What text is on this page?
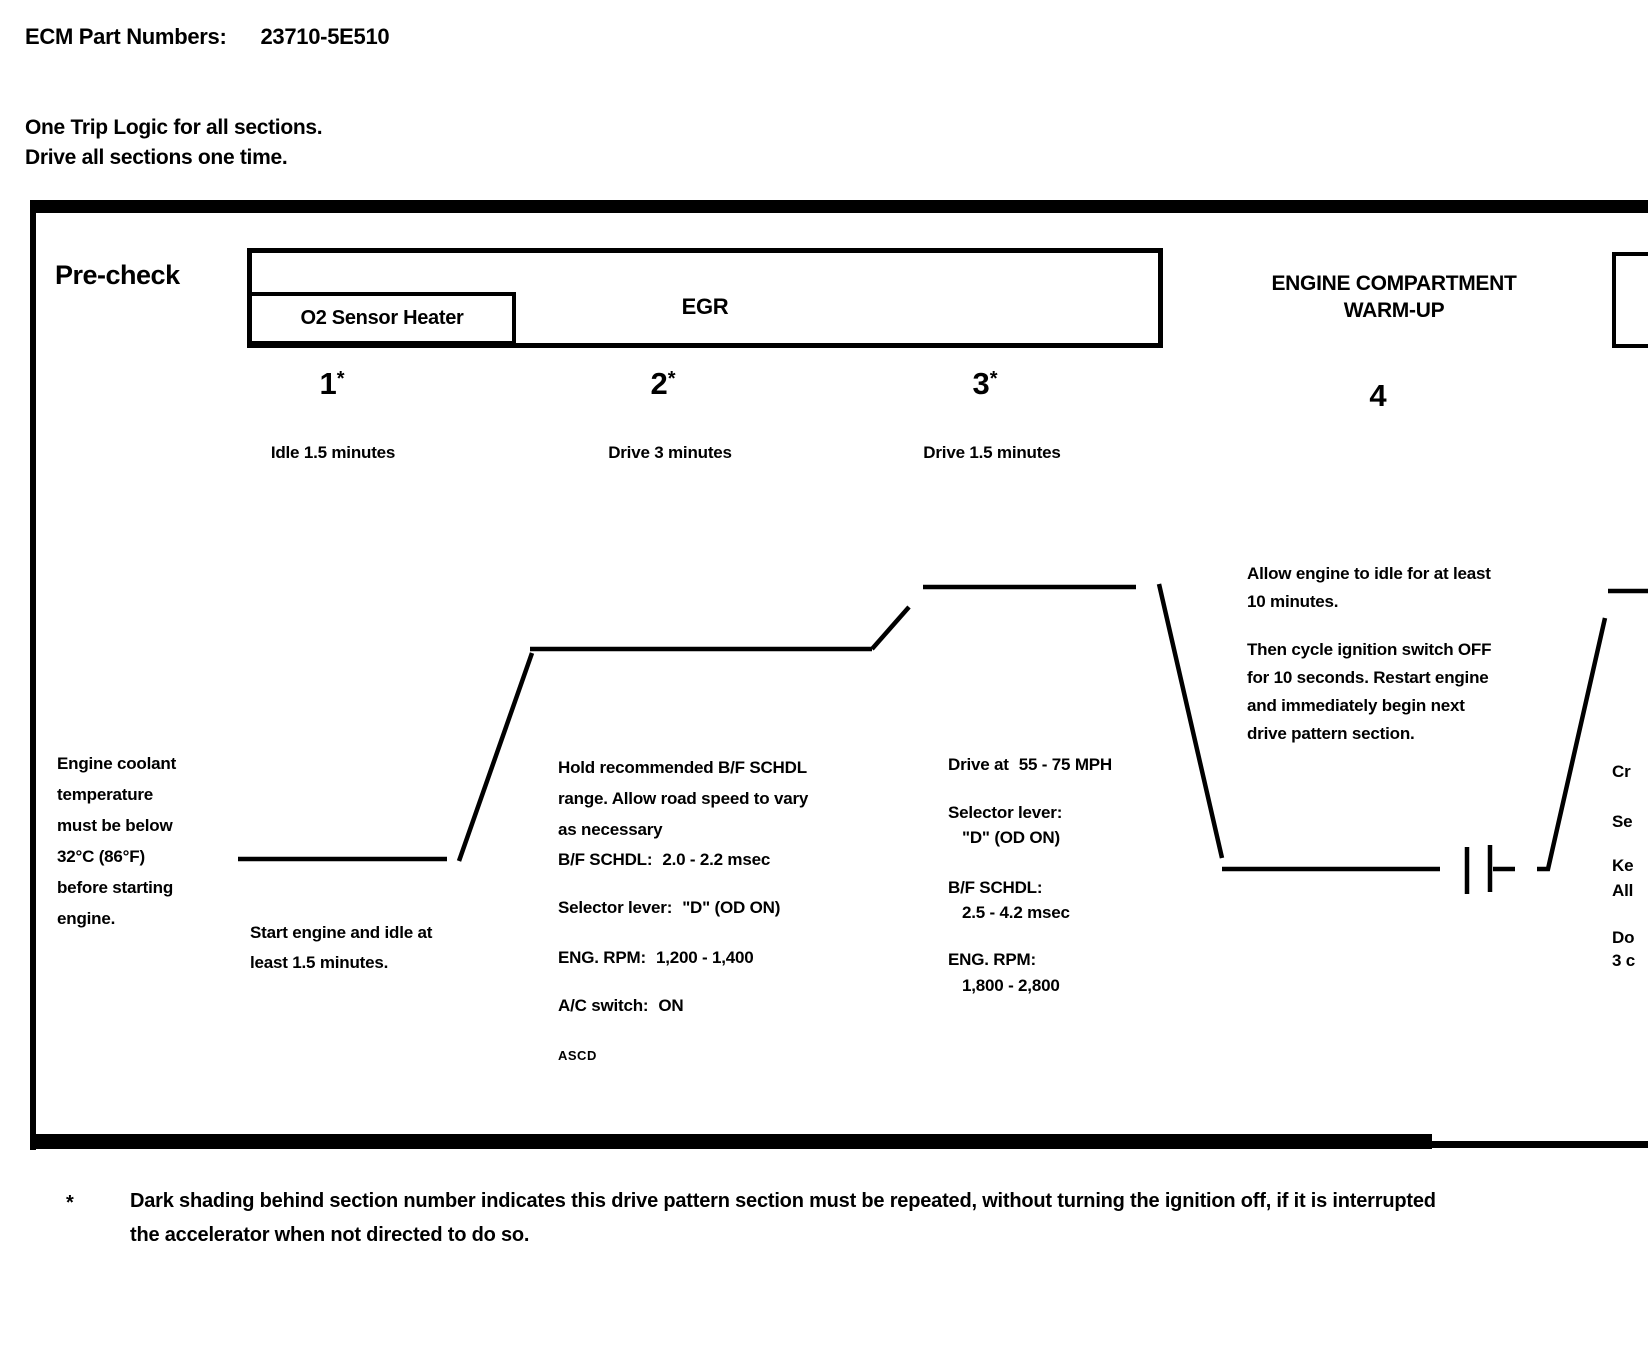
ECM Part Numbers: 23710-5E510
One Trip Logic for all sections.
Drive all sections one time.
Pre-check
EGR
O2 Sensor Heater
ENGINE COMPARTMENT
WARM-UP
1*	2*	3*	4
Idle 1.5 minutes	Drive 3 minutes	Drive 1.5 minutes
Engine coolant
temperature
must be below
32°C (86°F)
before starting
engine.
Start engine and idle at
least 1.5 minutes.
Hold recommended B/F SCHDL
range. Allow road speed to vary
as necessary
B/F SCHDL: 2.0 - 2.2 msec
Selector lever: "D" (OD ON)
ENG. RPM: 1,200 - 1,400
A/C switch: ON
ASCD
Drive at 55 - 75 MPH
Selector lever:
"D" (OD ON)
B/F SCHDL:
2.5 - 4.2 msec
ENG. RPM:
1,800 - 2,800
Allow engine to idle for at least
10 minutes.
Then cycle ignition switch OFF
for 10 seconds. Restart engine
and immediately begin next
drive pattern section.
Cr
Se
Ke
All
Do
3 c
*	Dark shading behind section number indicates this drive pattern section must be repeated, without turning the ignition off, if it is interrupted
the accelerator when not directed to do so.
